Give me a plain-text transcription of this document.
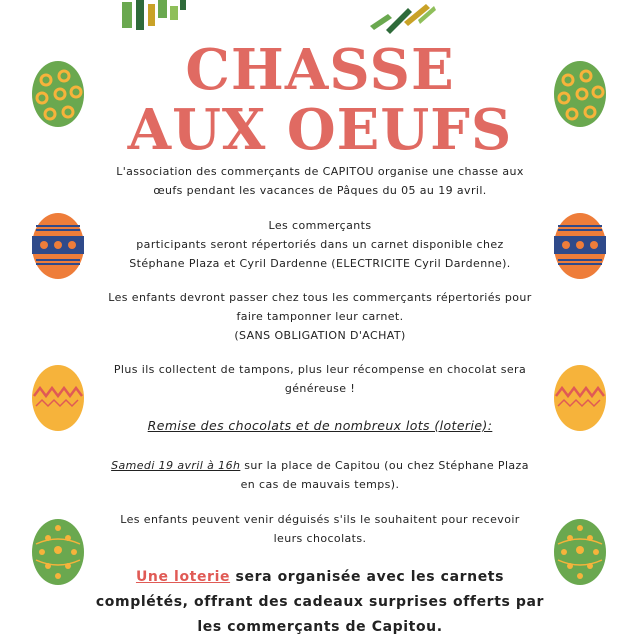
CHASSE
AUX OEUFS
L'association des commerçants de CAPITOU organise une chasse aux
œufs pendant les vacances de Pâques du 05 au 19 avril.
Les commerçants
participants seront répertoriés dans un carnet disponible chez
Stéphane Plaza et Cyril Dardenne (ELECTRICITE Cyril Dardenne).
Les enfants devront passer chez tous les commerçants répertoriés pour
faire tamponner leur carnet.
(SANS OBLIGATION D'ACHAT)
Plus ils collectent de tampons, plus leur récompense en chocolat sera
généreuse !
Remise des chocolats et de nombreux lots (loterie):
Samedi 19 avril à 16h sur la place de Capitou (ou chez Stéphane Plaza
en cas de mauvais temps).
Les enfants peuvent venir déguisés s'ils le souhaitent pour recevoir
leurs chocolats.
Une loterie sera organisée avec les carnets
complétés, offrant des cadeaux surprises offerts par
les commerçants de Capitou.
